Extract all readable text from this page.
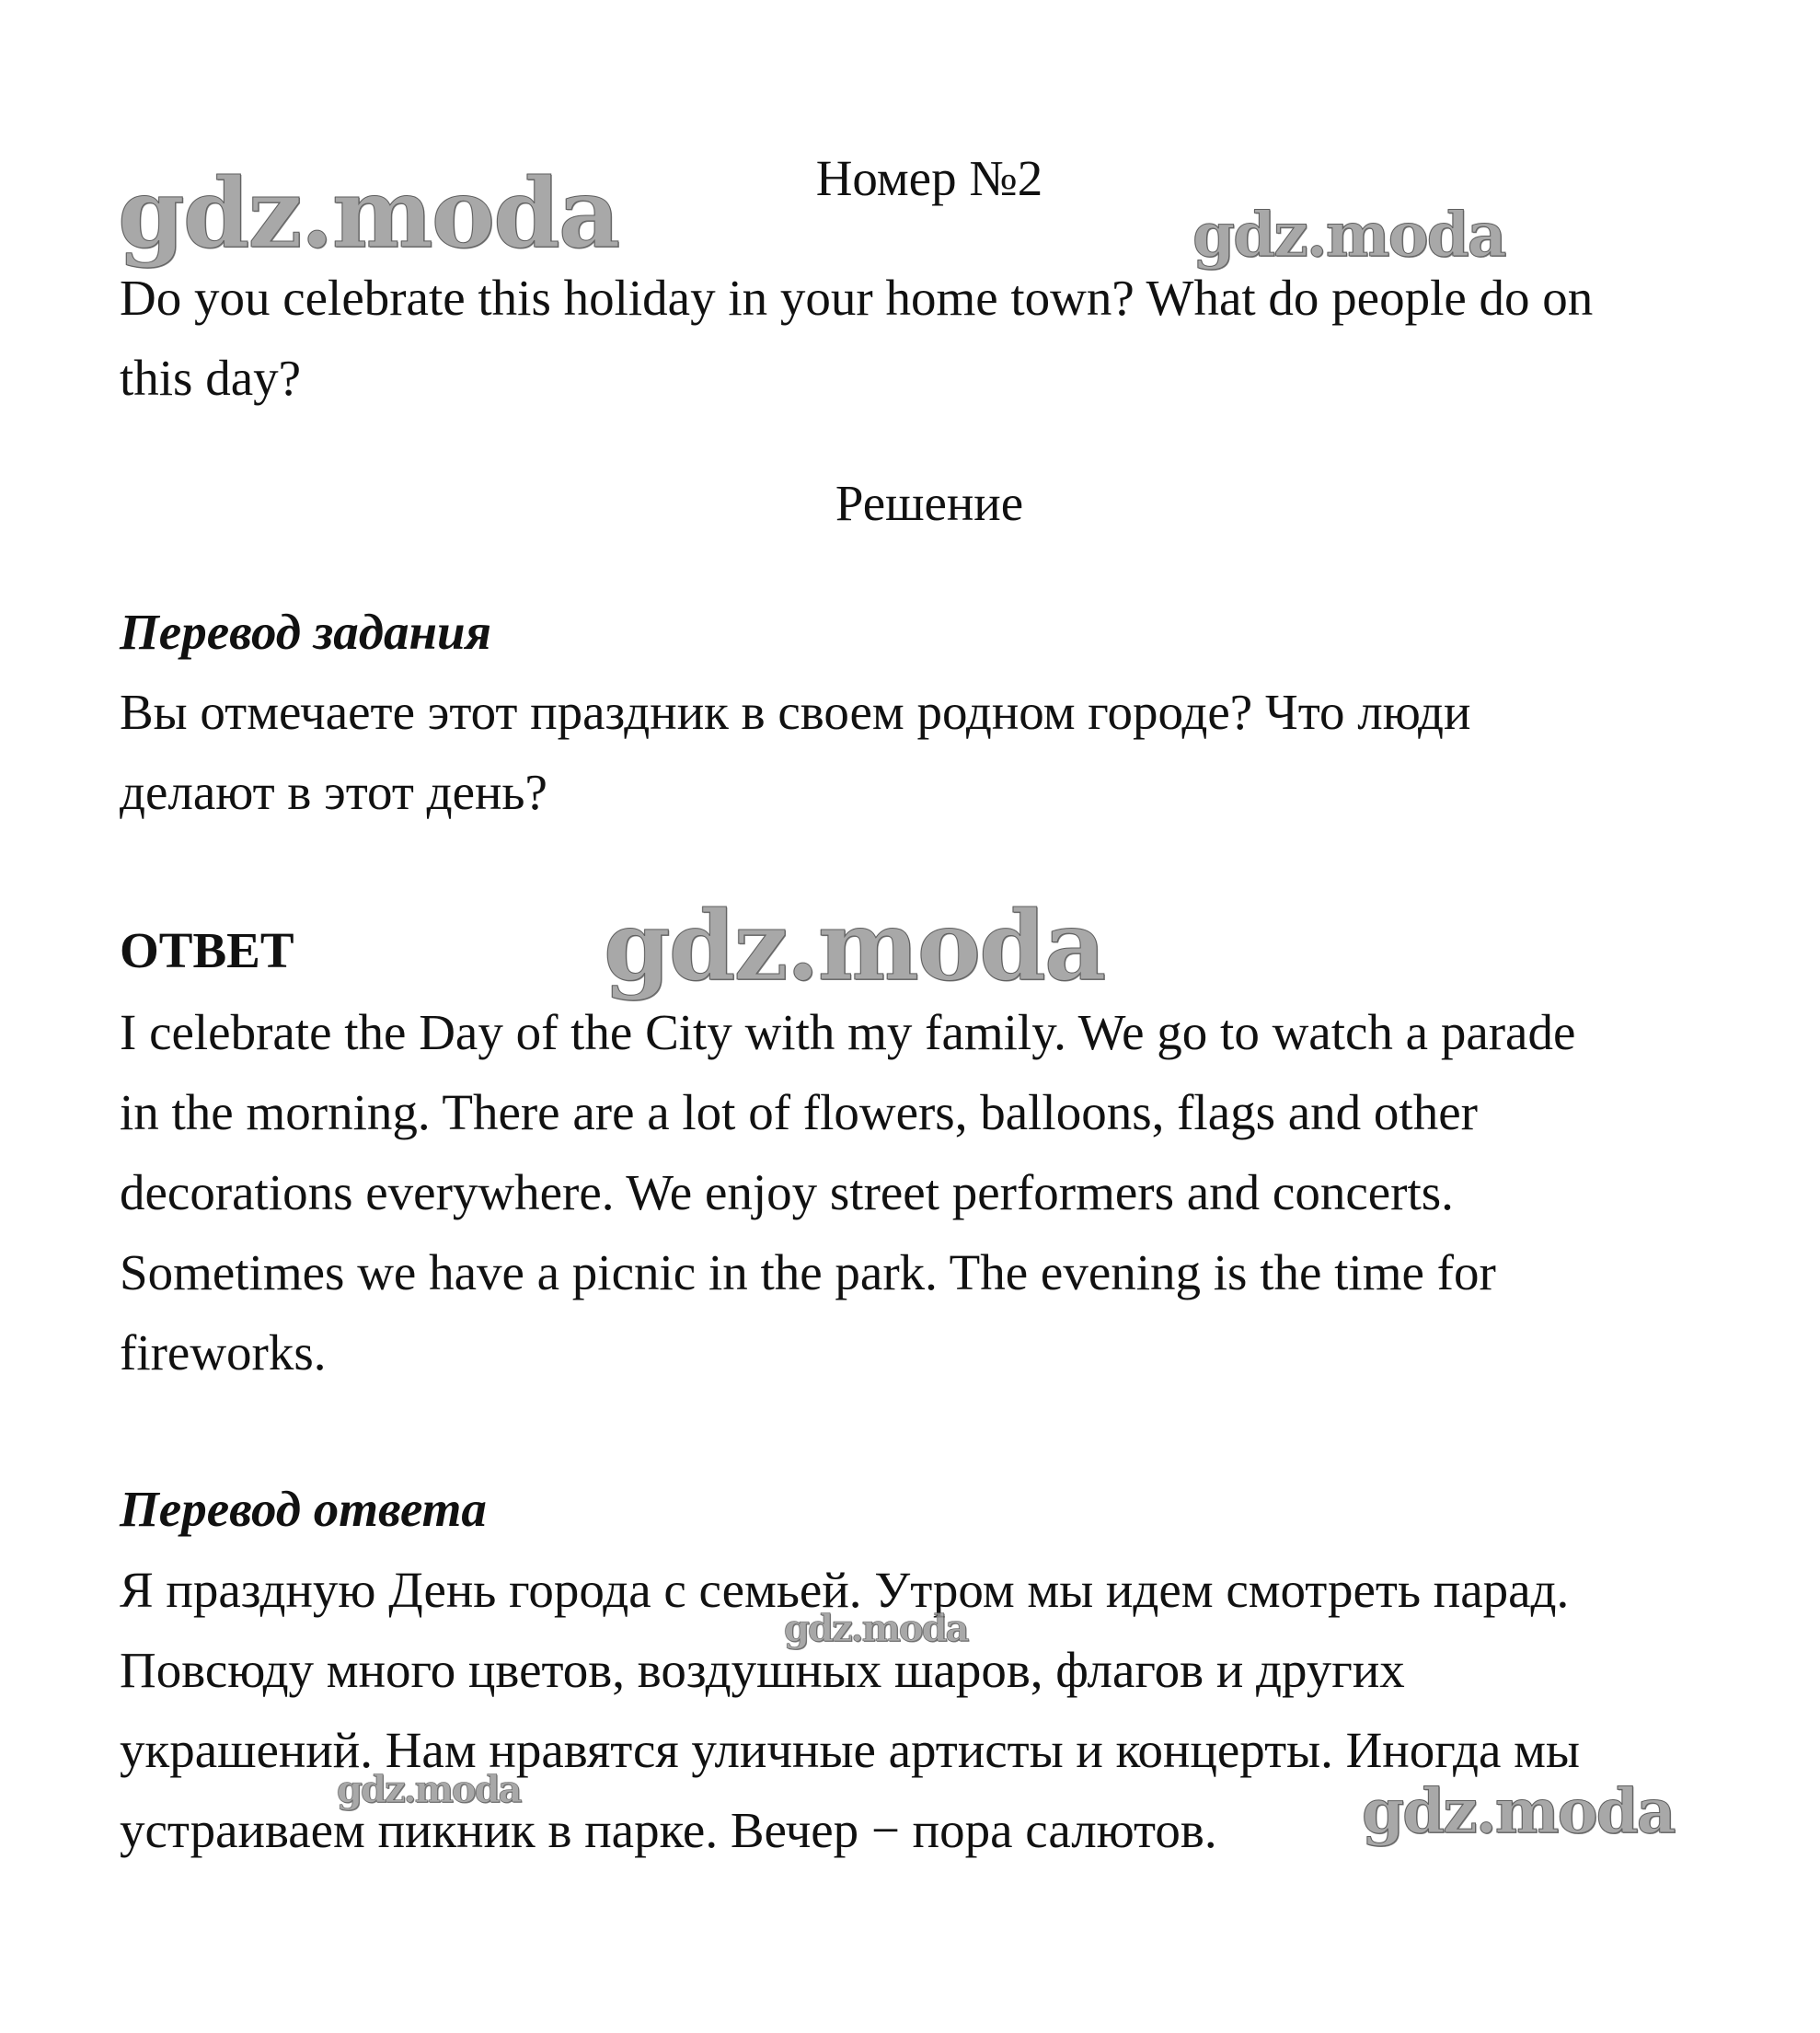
Номер №2

Do you celebrate this holiday in your home town? What do people do on

this day?

Решение

Перевод задания

Вы отмечаете этот праздник в своем родном городе? Что люди

делают в этот день?

ОТВЕТ

I celebrate the Day of the City with my family. We go to watch a parade

in the morning. There are a lot of flowers, balloons, flags and other

decorations everywhere. We enjoy street performers and concerts.

Sometimes we have a picnic in the park. The evening is the time for

fireworks.

Перевод ответа

Я праздную День города с семьей. Утром мы идем смотреть парад.

Повсюду много цветов, воздушных шаров, флагов и других

украшений. Нам нравятся уличные артисты и концерты. Иногда мы

устраиваем пикник в парке. Вечер − пора салютов.

gdz.moda	gdz.moda
gdz.moda
gdz.moda
gdz.moda	gdz.moda
